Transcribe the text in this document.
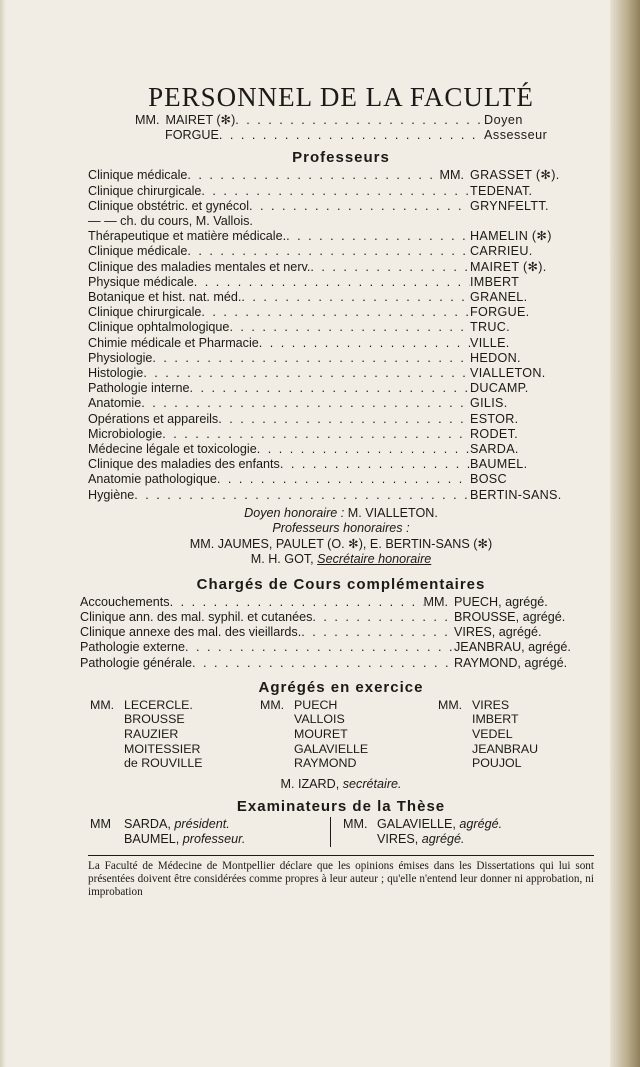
PERSONNEL DE LA FACULTÉ
MM. MAIRET (✻) . . .	Doyen
FORGUE . . .	Assesseur
Professeurs
Clinique médicale . . .	MM. GRASSET (✻).
Clinique chirurgicale . . .	TEDENAT.
Clinique obstétric. et gynécol . . .	GRYNFELTT.
— — ch. du cours, M. Vallois.
Thérapeutique et matière médicale. . . .	HAMELIN (✻)
Clinique médicale . . .	CARRIEU.
Clinique des maladies mentales et nerv. . . .	MAIRET (✻).
Physique médicale . . .	IMBERT
Botanique et hist. nat. méd. . . .	GRANEL.
Clinique chirurgicale . . .	FORGUE.
Clinique ophtalmologique . . .	TRUC.
Chimie médicale et Pharmacie . . .	VILLE.
Physiologie . . .	HEDON.
Histologie . . .	VIALLETON.
Pathologie interne . . .	DUCAMP.
Anatomie . . .	GILIS.
Opérations et appareils . . .	ESTOR.
Microbiologie . . .	RODET.
Médecine légale et toxicologie . . .	SARDA.
Clinique des maladies des enfants . . .	BAUMEL.
Anatomie pathologique . . .	BOSC
Hygiène . . .	BERTIN-SANS.
Doyen honoraire : M. VIALLETON.
Professeurs honoraires :
MM. JAUMES, PAULET (O. ✻), E. BERTIN-SANS (✻)
M. H. GOT, Secrétaire honoraire
Chargés de Cours complémentaires
Accouchements . . .	MM. PUECH, agrégé.
Clinique ann. des mal. syphil. et cutanées . . .	BROUSSE, agrégé.
Clinique annexe des mal. des vieillards. . . .	VIRES, agrégé.
Pathologie externe . . .	JEANBRAU, agrégé.
Pathologie générale . . .	RAYMOND, agrégé.
Agrégés en exercice
MM. LECERCLE.
BROUSSE
RAUZIER
MOITESSIER
de ROUVILLE
MM. PUECH
VALLOIS
MOURET
GALAVIELLE
RAYMOND
MM. VIRES
IMBERT
VEDEL
JEANBRAU
POUJOL
M. IZARD, secrétaire.
Examinateurs de la Thèse
MM SARDA, président.
BAUMEL, professeur.
MM. GALAVIELLE, agrégé.
VIRES, agrégé.
La Faculté de Médecine de Montpellier déclare que les opinions émises dans les Dissertations qui lui sont présentées doivent être considérées comme propres à leur auteur ; qu'elle n'entend leur donner ni approbation, ni improbation
